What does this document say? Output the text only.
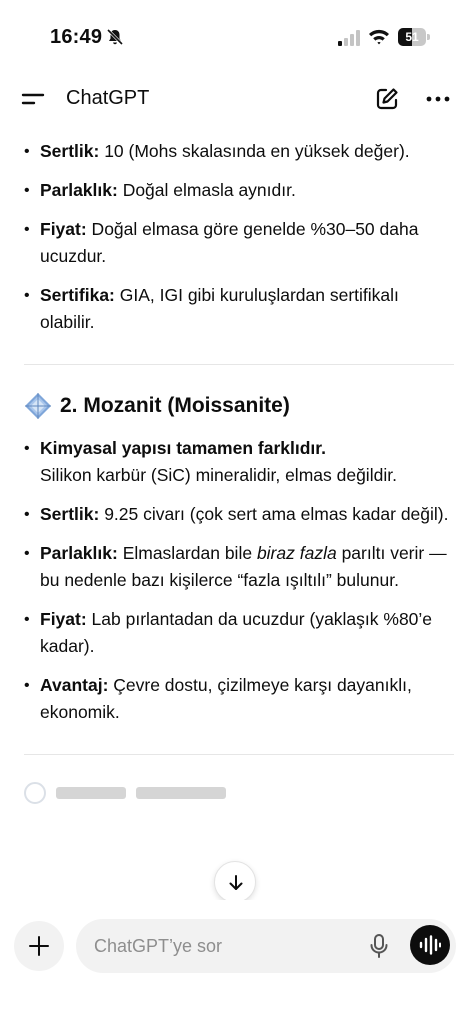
16:49	51
ChatGPT
• Sertlik: 10 (Mohs skalasında en yüksek değer).
• Parlaklık: Doğal elmasla aynıdır.
• Fiyat: Doğal elmasa göre genelde %30–50 daha ucuzdur.
• Sertifika: GIA, IGI gibi kuruluşlardan sertifikalı olabilir.
2. Mozanit (Moissanite)
• Kimyasal yapısı tamamen farklıdır.
Silikon karbür (SiC) mineralidir, elmas değildir.
• Sertlik: 9.25 civarı (çok sert ama elmas kadar değil).
• Parlaklık: Elmaslardan bile biraz fazla parıltı verir — bu nedenle bazı kişilerce “fazla ışıltılı” bulunur.
• Fiyat: Lab pırlantadan da ucuzdur (yaklaşık %80’e kadar).
• Avantaj: Çevre dostu, çizilmeye karşı dayanıklı, ekonomik.
ChatGPT’ye sor
